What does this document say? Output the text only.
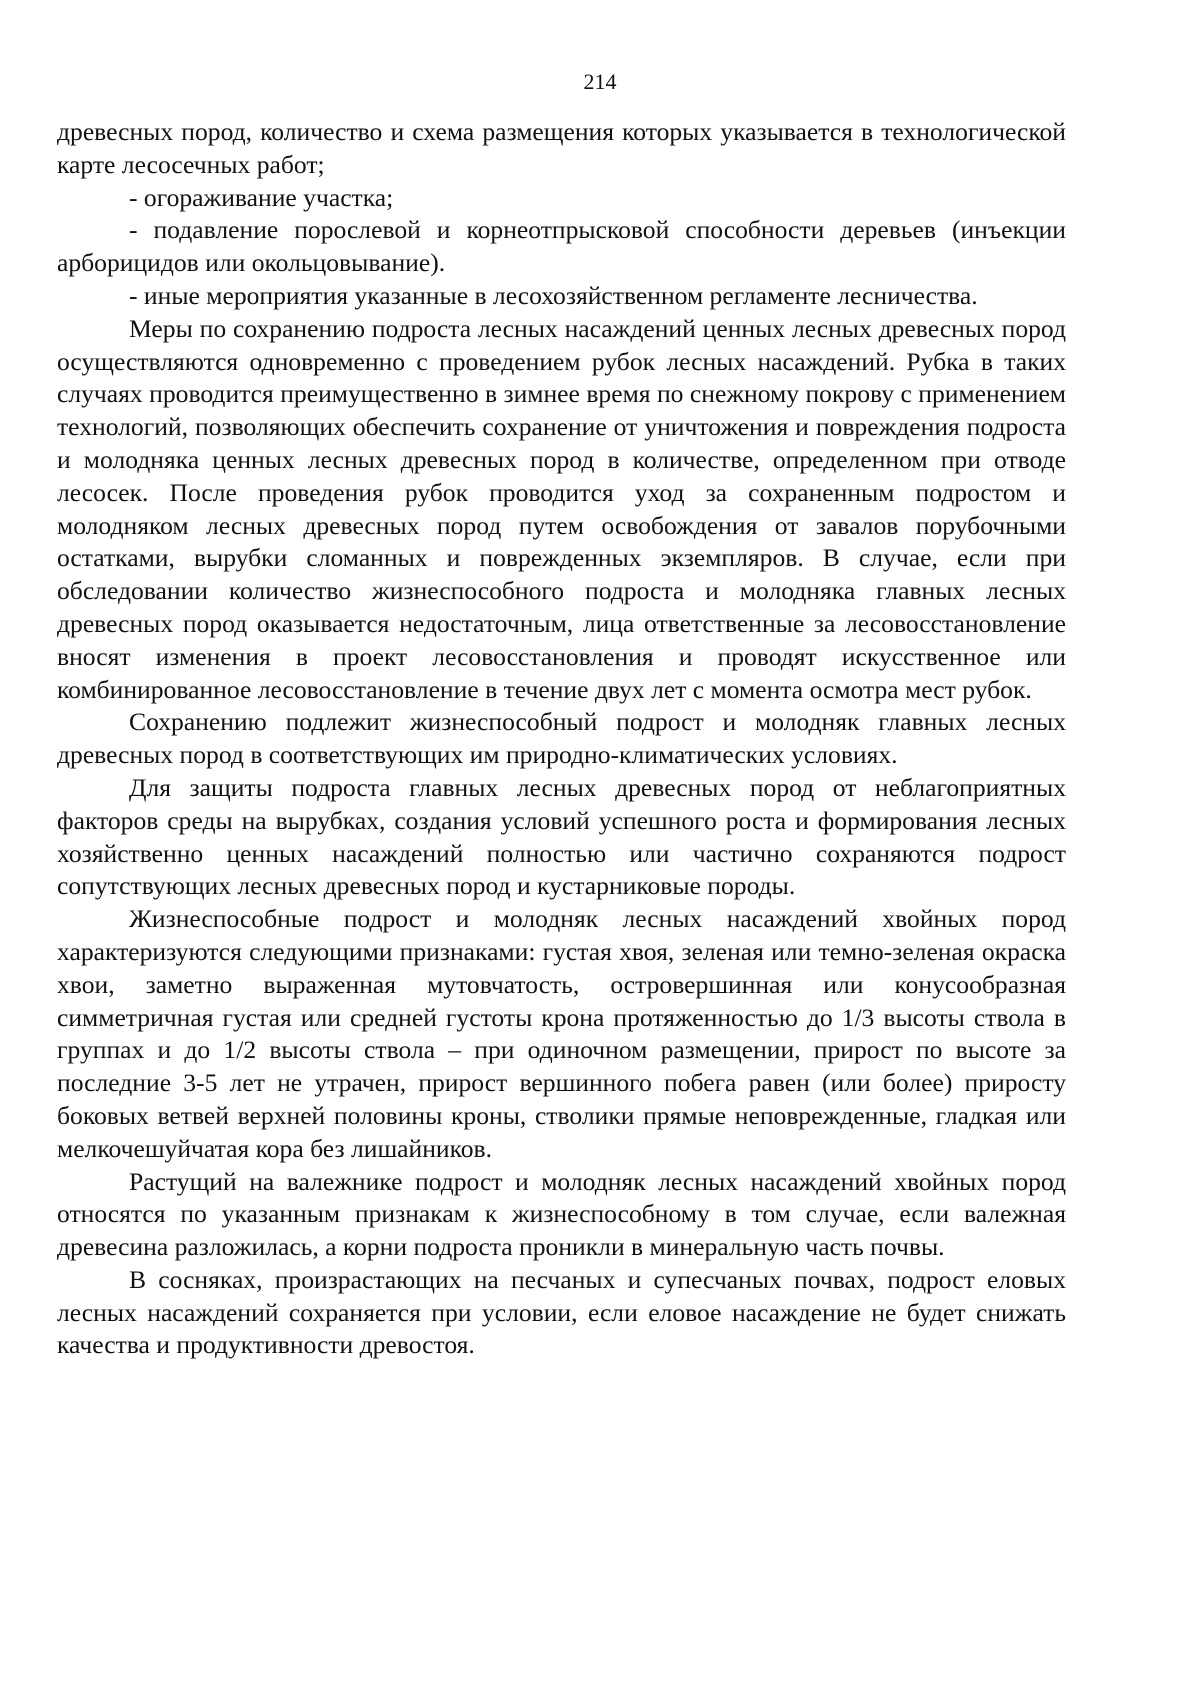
214

древесных пород, количество и схема размещения которых указывается в технологической карте лесосечных работ;

- огораживание участка;

- подавление порослевой и корнеотпрысковой способности деревьев (инъекции арборицидов или окольцовывание).

- иные мероприятия указанные в лесохозяйственном регламенте лесничества.

Меры по сохранению подроста лесных насаждений ценных лесных древесных пород осуществляются одновременно с проведением рубок лесных насаждений. Рубка в таких случаях проводится преимущественно в зимнее время по снежному покрову с применением технологий, позволяющих обеспечить сохранение от уничтожения и повреждения подроста и молодняка ценных лесных древесных пород в количестве, определенном при отводе лесосек. После проведения рубок проводится уход за сохраненным подростом и молодняком лесных древесных пород путем освобождения от завалов порубочными остатками, вырубки сломанных и поврежденных экземпляров. В случае, если при обследовании количество жизнеспособного подроста и молодняка главных лесных древесных пород оказывается недостаточным, лица ответственные за лесовосстановление вносят изменения в проект лесовосстановления и проводят искусственное или комбинированное лесовосстановление в течение двух лет с момента осмотра мест рубок.

Сохранению подлежит жизнеспособный подрост и молодняк главных лесных древесных пород в соответствующих им природно-климатических условиях.

Для защиты подроста главных лесных древесных пород от неблагоприятных факторов среды на вырубках, создания условий успешного роста и формирования лесных хозяйственно ценных насаждений полностью или частично сохраняются подрост сопутствующих лесных древесных пород и кустарниковые породы.

Жизнеспособные подрост и молодняк лесных насаждений хвойных пород характеризуются следующими признаками: густая хвоя, зеленая или темно-зеленая окраска хвои, заметно выраженная мутовчатость, островершинная или конусообразная симметричная густая или средней густоты крона протяженностью до 1/3 высоты ствола в группах и до 1/2 высоты ствола – при одиночном размещении, прирост по высоте за последние 3-5 лет не утрачен, прирост вершинного побега равен (или более) приросту боковых ветвей верхней половины кроны, стволики прямые неповрежденные, гладкая или мелкочешуйчатая кора без лишайников.

Растущий на валежнике подрост и молодняк лесных насаждений хвойных пород относятся по указанным признакам к жизнеспособному в том случае, если валежная древесина разложилась, а корни подроста проникли в минеральную часть почвы.

В сосняках, произрастающих на песчаных и супесчаных почвах, подрост еловых лесных насаждений сохраняется при условии, если еловое насаждение не будет снижать качества и продуктивности древостоя.
